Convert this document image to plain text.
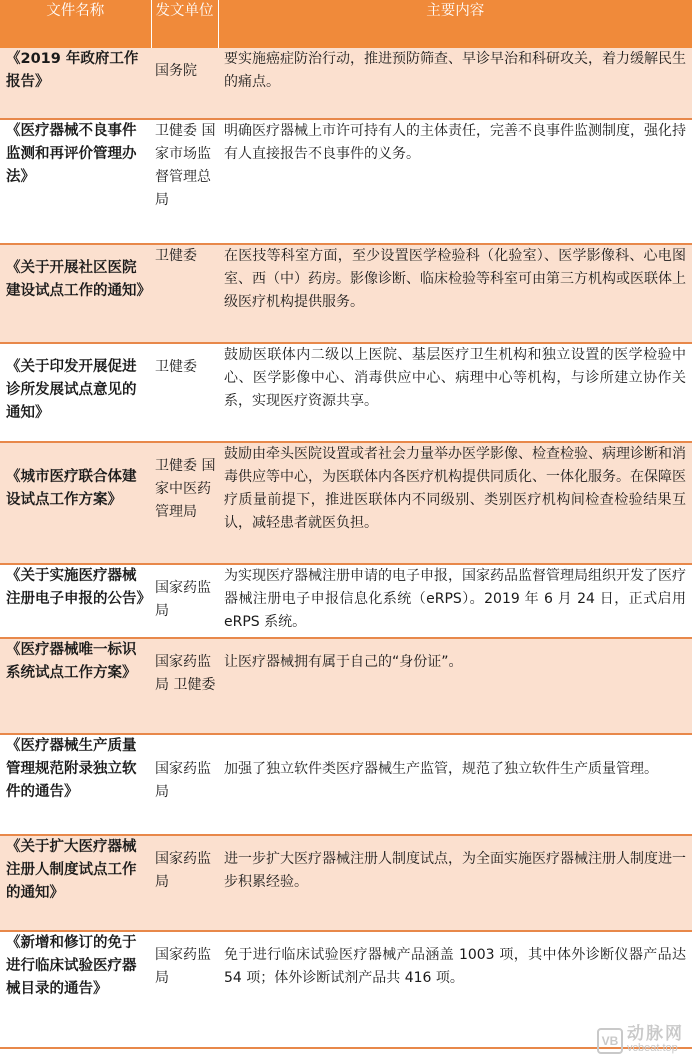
文件名称	发文单位	主要内容
《2019 年政府工作报告》	国务院	要实施癌症防治行动，推进预防筛查、早诊早治和科研攻关，着力缓解民生的痛点。
《医疗器械不良事件监测和再评价管理办法》	卫健委 国家市场监督管理总局	明确医疗器械上市许可持有人的主体责任，完善不良事件监测制度，强化持有人直接报告不良事件的义务。

《关于开展社区医院建设试点工作的通知》	卫健委	在医技等科室方面，至少设置医学检验科（化验室）、医学影像科、心电图室、西（中）药房。影像诊断、临床检验等科室可由第三方机构或医联体上级医疗机构提供服务。

《关于印发开展促进诊所发展试点意见的通知》	卫健委	鼓励医联体内二级以上医院、基层医疗卫生机构和独立设置的医学检验中心、医学影像中心、消毒供应中心、病理中心等机构，与诊所建立协作关系，实现医疗资源共享。

《城市医疗联合体建设试点工作方案》	卫健委 国家中医药管理局	鼓励由牵头医院设置或者社会力量举办医学影像、检查检验、病理诊断和消毒供应等中心，为医联体内各医疗机构提供同质化、一体化服务。在保障医疗质量前提下，推进医联体内不同级别、类别医疗机构间检查检验结果互认，减轻患者就医负担。
《关于实施医疗器械注册电子申报的公告》	国家药监局	为实现医疗器械注册申请的电子申报，国家药品监督管理局组织开发了医疗器械注册电子申报信息化系统（eRPS）。2019 年 6 月 24 日，正式启用 eRPS 系统。
《医疗器械唯一标识系统试点工作方案》	国家药监局 卫健委	让医疗器械拥有属于自己的“身份证”。

《医疗器械生产质量管理规范附录独立软件的通告》	国家药监局	加强了独立软件类医疗器械生产监管，规范了独立软件生产质量管理。

《关于扩大医疗器械注册人制度试点工作的通知》	国家药监局	进一步扩大医疗器械注册人制度试点，为全面实施医疗器械注册人制度进一步积累经验。

《新增和修订的免于进行临床试验医疗器械目录的通告》	国家药监局	免于进行临床试验医疗器械产品涵盖 1003 项，其中体外诊断仪器产品达 54 项；体外诊断试剂产品共 416 项。
VB 动脉网
vcbeat.top
